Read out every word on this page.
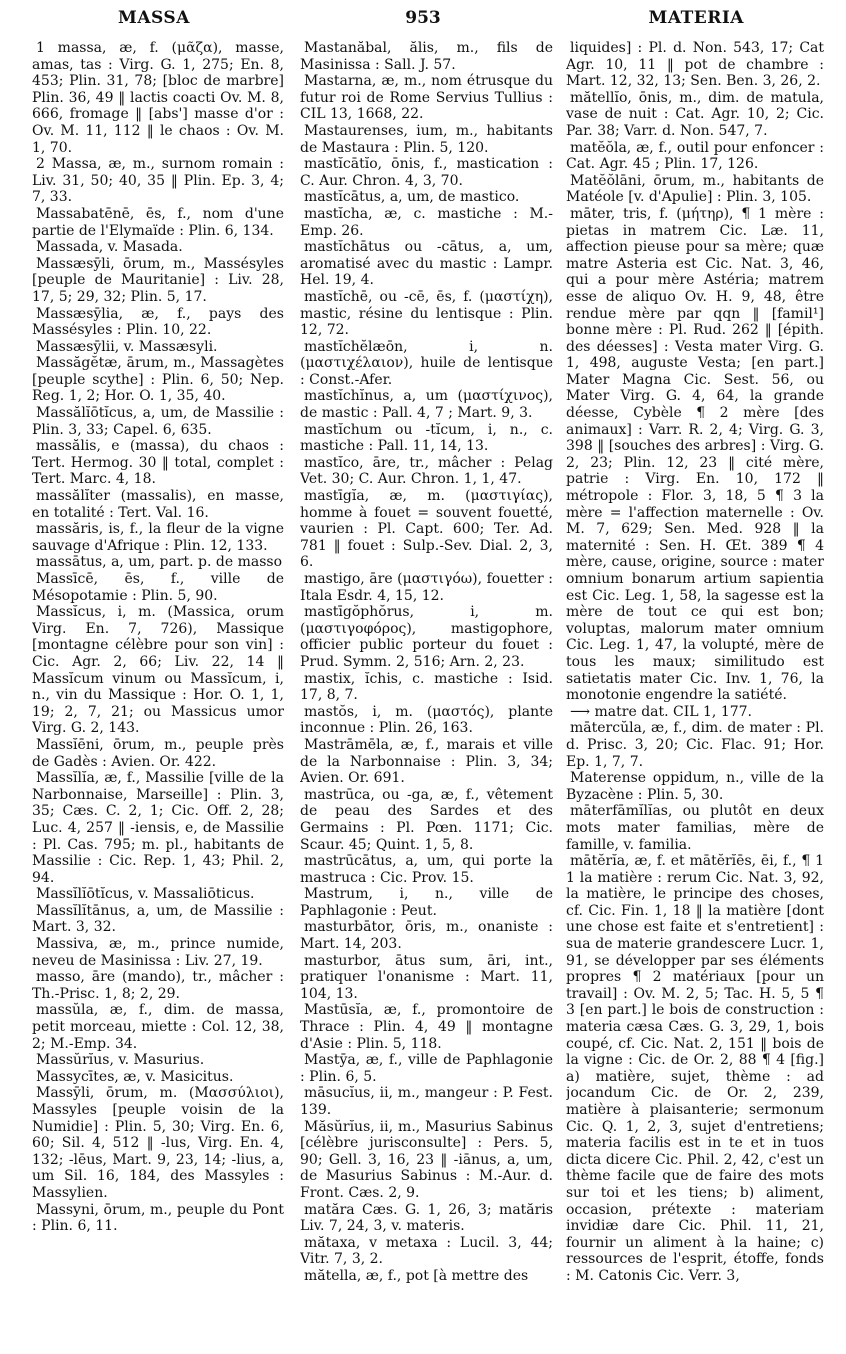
MASSA	953	MATERIA

1 massa, æ, f. (μᾶζα), masse, amas, tas : Virg. G. 1, 275; En. 8, 453; Plin. 31, 78; [bloc de marbre] Plin. 36, 49 ‖ lactis coacti Ov. M. 8, 666, fromage ‖ [abs'] masse d'or : Ov. M. 11, 112 ‖ le chaos : Ov. M. 1, 70.

2 Massa, æ, m., surnom romain : Liv. 31, 50; 40, 35 ‖ Plin. Ep. 3, 4; 7, 33.

Massabatēnē, ēs, f., nom d'une partie de l'Elymaïde : Plin. 6, 134.

Massada, v. Masada.

Massæsȳli, ōrum, m., Massésyles [peuple de Mauritanie] : Liv. 28, 17, 5; 29, 32; Plin. 5, 17.

Massæsȳlia, æ, f., pays des Massésyles : Plin. 10, 22.

Massæsȳlii, v. Massæsyli.

Massăgĕtæ, ārum, m., Massagètes [peuple scythe] : Plin. 6, 50; Nep. Reg. 1, 2; Hor. O. 1, 35, 40.

Massălĭōtĭcus, a, um, de Massilie : Plin. 3, 33; Capel. 6, 635.

massălis, e (massa), du chaos : Tert. Hermog. 30 ‖ total, complet : Tert. Marc. 4, 18.

massălĭter (massalis), en masse, en totalité : Tert. Val. 16.

massăris, is, f., la fleur de la vigne sauvage d'Afrique : Plin. 12, 133.

massātus, a, um, part. p. de masso

Massīcē, ēs, f., ville de Mésopotamie : Plin. 5, 90.

Massĭcus, i, m. (Massica, orum Virg. En. 7, 726), Massique [montagne célèbre pour son vin] : Cic. Agr. 2, 66; Liv. 22, 14 ‖ Massĭcum vinum ou Massĭcum, i, n., vin du Massique : Hor. O. 1, 1, 19; 2, 7, 21; ou Massicus umor Virg. G. 2, 143.

Massĭēni, ōrum, m., peuple près de Gadès : Avien. Or. 422.

Massĭlĭa, æ, f., Massilie [ville de la Narbonnaise, Marseille] : Plin. 3, 35; Cæs. C. 2, 1; Cic. Off. 2, 28; Luc. 4, 257 ‖ -iensis, e, de Massilie : Pl. Cas. 795; m. pl., habitants de Massilie : Cic. Rep. 1, 43; Phil. 2, 94.

Massĭlĭōtĭcus, v. Massaliōticus.

Massĭlĭtānus, a, um, de Massilie : Mart. 3, 32.

Massiva, æ, m., prince numide, neveu de Masinissa : Liv. 27, 19.

masso, āre (mando), tr., mâcher : Th.-Prisc. 1, 8; 2, 29.

massŭla, æ, f., dim. de massa, petit morceau, miette : Col. 12, 38, 2; M.-Emp. 34.

Massŭrĭus, v. Masurius.

Massycītes, æ, v. Masicitus.

Massȳli, ōrum, m. (Μασσύλιοι), Massyles [peuple voisin de la Numidie] : Plin. 5, 30; Virg. En. 6, 60; Sil. 4, 512 ‖ -lus, Virg. En. 4, 132; -lēus, Mart. 9, 23, 14; -lius, a, um Sil. 16, 184, des Massyles : Massylien.

Massyni, ōrum, m., peuple du Pont : Plin. 6, 11.

Mastanăbal, ălis, m., fils de Masinissa : Sall. J. 57.

Mastarna, æ, m., nom étrusque du futur roi de Rome Servius Tullius : CIL 13, 1668, 22.

Mastaurenses, ium, m., habitants de Mastaura : Plin. 5, 120.

mastĭcātĭo, ōnis, f., mastication : C. Aur. Chron. 4, 3, 70.

mastĭcātus, a, um, de mastico.

mastĭcha, æ, c. mastiche : M.-Emp. 26.

mastĭchātus ou -cātus, a, um, aromatisé avec du mastic : Lampr. Hel. 19, 4.

mastĭchē, ou -cē, ēs, f. (μαστίχη), mastic, résine du lentisque : Plin. 12, 72.

mastĭchĕlæōn, i, n. (μαστιχέλαιον), huile de lentisque : Const.-Afer.

mastĭchĭnus, a, um (μαστίχινος), de mastic : Pall. 4, 7 ; Mart. 9, 3.

mastĭchum ou -tĭcum, i, n., c. mastiche : Pall. 11, 14, 13.

mastĭco, āre, tr., mâcher : Pelag Vet. 30; C. Aur. Chron. 1, 1, 47.

mastīgĭa, æ, m. (μαστιγίας), homme à fouet = souvent fouetté, vaurien : Pl. Capt. 600; Ter. Ad. 781 ‖ fouet : Sulp.-Sev. Dial. 2, 3, 6.

mastigo, āre (μαστιγόω), fouetter : Itala Esdr. 4, 15, 12.

mastīgŏphŏrus, i, m. (μαστιγοφόρος), mastigophore, officier public porteur du fouet : Prud. Symm. 2, 516; Arn. 2, 23.

mastix, ĭchis, c. mastiche : Isid. 17, 8, 7.

mastŏs, i, m. (μαστός), plante inconnue : Plin. 26, 163.

Mastrāmēla, æ, f., marais et ville de la Narbonnaise : Plin. 3, 34; Avien. Or. 691.

mastrūca, ou -ga, æ, f., vêtement de peau des Sardes et des Germains : Pl. Pœn. 1171; Cic. Scaur. 45; Quint. 1, 5, 8.

mastrūcātus, a, um, qui porte la mastruca : Cic. Prov. 15.

Mastrum, i, n., ville de Paphlagonie : Peut.

masturbātor, ōris, m., onaniste : Mart. 14, 203.

masturbor, ātus sum, āri, int., pratiquer l'onanisme : Mart. 11, 104, 13.

Mastūsĭa, æ, f., promontoire de Thrace : Plin. 4, 49 ‖ montagne d'Asie : Plin. 5, 118.

Mastȳa, æ, f., ville de Paphlagonie : Plin. 6, 5.

māsucĭus, ii, m., mangeur : P. Fest. 139.

Măsŭrĭus, ii, m., Masurius Sabinus [célèbre jurisconsulte] : Pers. 5, 90; Gell. 3, 16, 23 ‖ -iānus, a, um, de Masurius Sabinus : M.-Aur. d. Front. Cæs. 2, 9.

matăra Cæs. G. 1, 26, 3; matăris Liv. 7, 24, 3, v. materis.

mătaxa, v metaxa : Lucil. 3, 44; Vitr. 7, 3, 2.

mătella, æ, f., pot [à mettre des

liquides] : Pl. d. Non. 543, 17; Cat Agr. 10, 11 ‖ pot de chambre : Mart. 12, 32, 13; Sen. Ben. 3, 26, 2.

mătellĭo, ōnis, m., dim. de matula, vase de nuit : Cat. Agr. 10, 2; Cic. Par. 38; Varr. d. Non. 547, 7.

matĕŏla, æ, f., outil pour enfoncer : Cat. Agr. 45 ; Plin. 17, 126.

Matĕŏlāni, ōrum, m., habitants de Matéole [v. d'Apulie] : Plin. 3, 105.

māter, tris, f. (μήτηρ), ¶ 1 mère : pietas in matrem Cic. Læ. 11, affection pieuse pour sa mère; quæ matre Asteria est Cic. Nat. 3, 46, qui a pour mère Astéria; matrem esse de aliquo Ov. H. 9, 48, être rendue mère par qqn ‖ [famil¹] bonne mère : Pl. Rud. 262 ‖ [épith. des déesses] : Vesta mater Virg. G. 1, 498, auguste Vesta; [en part.] Mater Magna Cic. Sest. 56, ou Mater Virg. G. 4, 64, la grande déesse, Cybèle ¶ 2 mère [des animaux] : Varr. R. 2, 4; Virg. G. 3, 398 ‖ [souches des arbres] : Virg. G. 2, 23; Plin. 12, 23 ‖ cité mère, patrie : Virg. En. 10, 172 ‖ métropole : Flor. 3, 18, 5 ¶ 3 la mère = l'affection maternelle : Ov. M. 7, 629; Sen. Med. 928 ‖ la maternité : Sen. H. Œt. 389 ¶ 4 mère, cause, origine, source : mater omnium bonarum artium sapientia est Cic. Leg. 1, 58, la sagesse est la mère de tout ce qui est bon; voluptas, malorum mater omnium Cic. Leg. 1, 47, la volupté, mère de tous les maux; similitudo est satietatis mater Cic. Inv. 1, 76, la monotonie engendre la satiété.

⟶ matre dat. CIL 1, 177.

mātercŭla, æ, f., dim. de mater : Pl. d. Prisc. 3, 20; Cic. Flac. 91; Hor. Ep. 1, 7, 7.

Materense oppidum, n., ville de la Byzacène : Plin. 5, 30.

māterfāmĭlĭas, ou plutôt en deux mots mater familias, mère de famille, v. familia.

mātĕrĭa, æ, f. et mātĕrĭēs, ēi, f., ¶ 1 1 la matière : rerum Cic. Nat. 3, 92, la matière, le principe des choses, cf. Cic. Fin. 1, 18 ‖ la matière [dont une chose est faite et s'entretient] : sua de materie grandescere Lucr. 1, 91, se développer par ses éléments propres ¶ 2 matériaux [pour un travail] : Ov. M. 2, 5; Tac. H. 5, 5 ¶ 3 [en part.] le bois de construction : materia cæsa Cæs. G. 3, 29, 1, bois coupé, cf. Cic. Nat. 2, 151 ‖ bois de la vigne : Cic. de Or. 2, 88 ¶ 4 [fig.] a) matière, sujet, thème : ad jocandum Cic. de Or. 2, 239, matière à plaisanterie; sermonum Cic. Q. 1, 2, 3, sujet d'entretiens; materia facilis est in te et in tuos dicta dicere Cic. Phil. 2, 42, c'est un thème facile que de faire des mots sur toi et les tiens; b) aliment, occasion, prétexte : materiam invidiæ dare Cic. Phil. 11, 21, fournir un aliment à la haine; c) ressources de l'esprit, étoffe, fonds : M. Catonis Cic. Verr. 3,
